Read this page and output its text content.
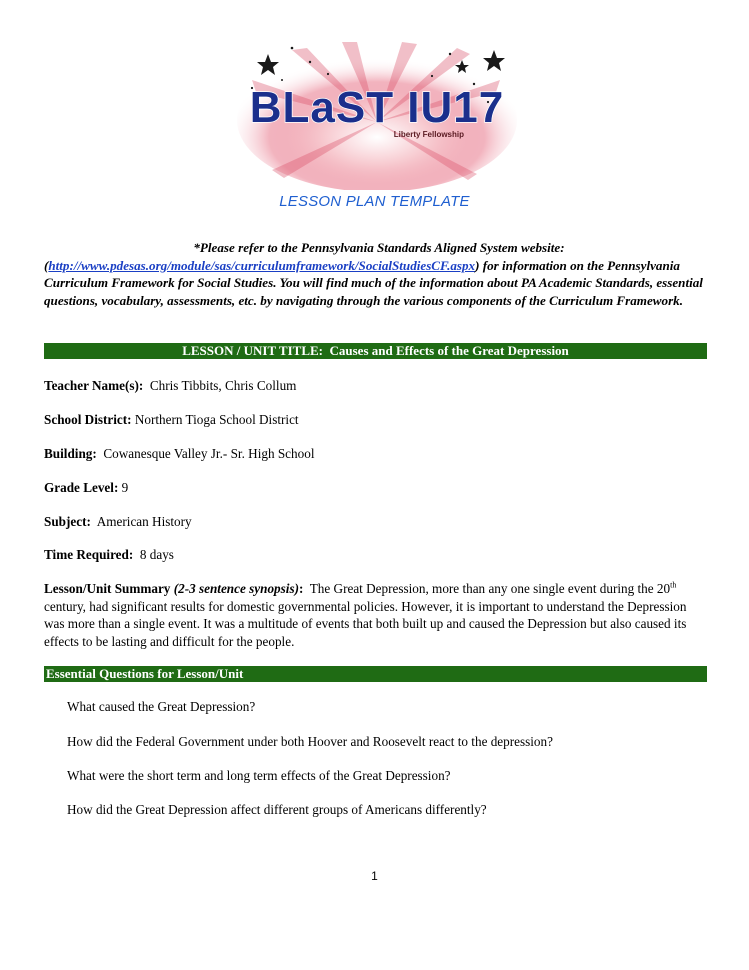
BLaST IU17
Liberty Fellowship
LESSON PLAN TEMPLATE
*Please refer to the Pennsylvania Standards Aligned System website:
(http://www.pdesas.org/module/sas/curriculumframework/SocialStudiesCF.aspx) for information on the Pennsylvania Curriculum Framework for Social Studies. You will find much of the information about PA Academic Standards, essential questions, vocabulary, assessments, etc. by navigating through the various components of the Curriculum Framework.
LESSON / UNIT TITLE: Causes and Effects of the Great Depression
Teacher Name(s): Chris Tibbits, Chris Collum
School District: Northern Tioga School District
Building: Cowanesque Valley Jr.- Sr. High School
Grade Level: 9
Subject: American History
Time Required: 8 days
Lesson/Unit Summary (2-3 sentence synopsis): The Great Depression, more than any one single event during the 20th century, had significant results for domestic governmental policies. However, it is important to understand the Depression was more than a single event. It was a multitude of events that both built up and caused the Depression but also caused its effects to be lasting and difficult for the people.
Essential Questions for Lesson/Unit
What caused the Great Depression?
How did the Federal Government under both Hoover and Roosevelt react to the depression?
What were the short term and long term effects of the Great Depression?
How did the Great Depression affect different groups of Americans differently?
1
